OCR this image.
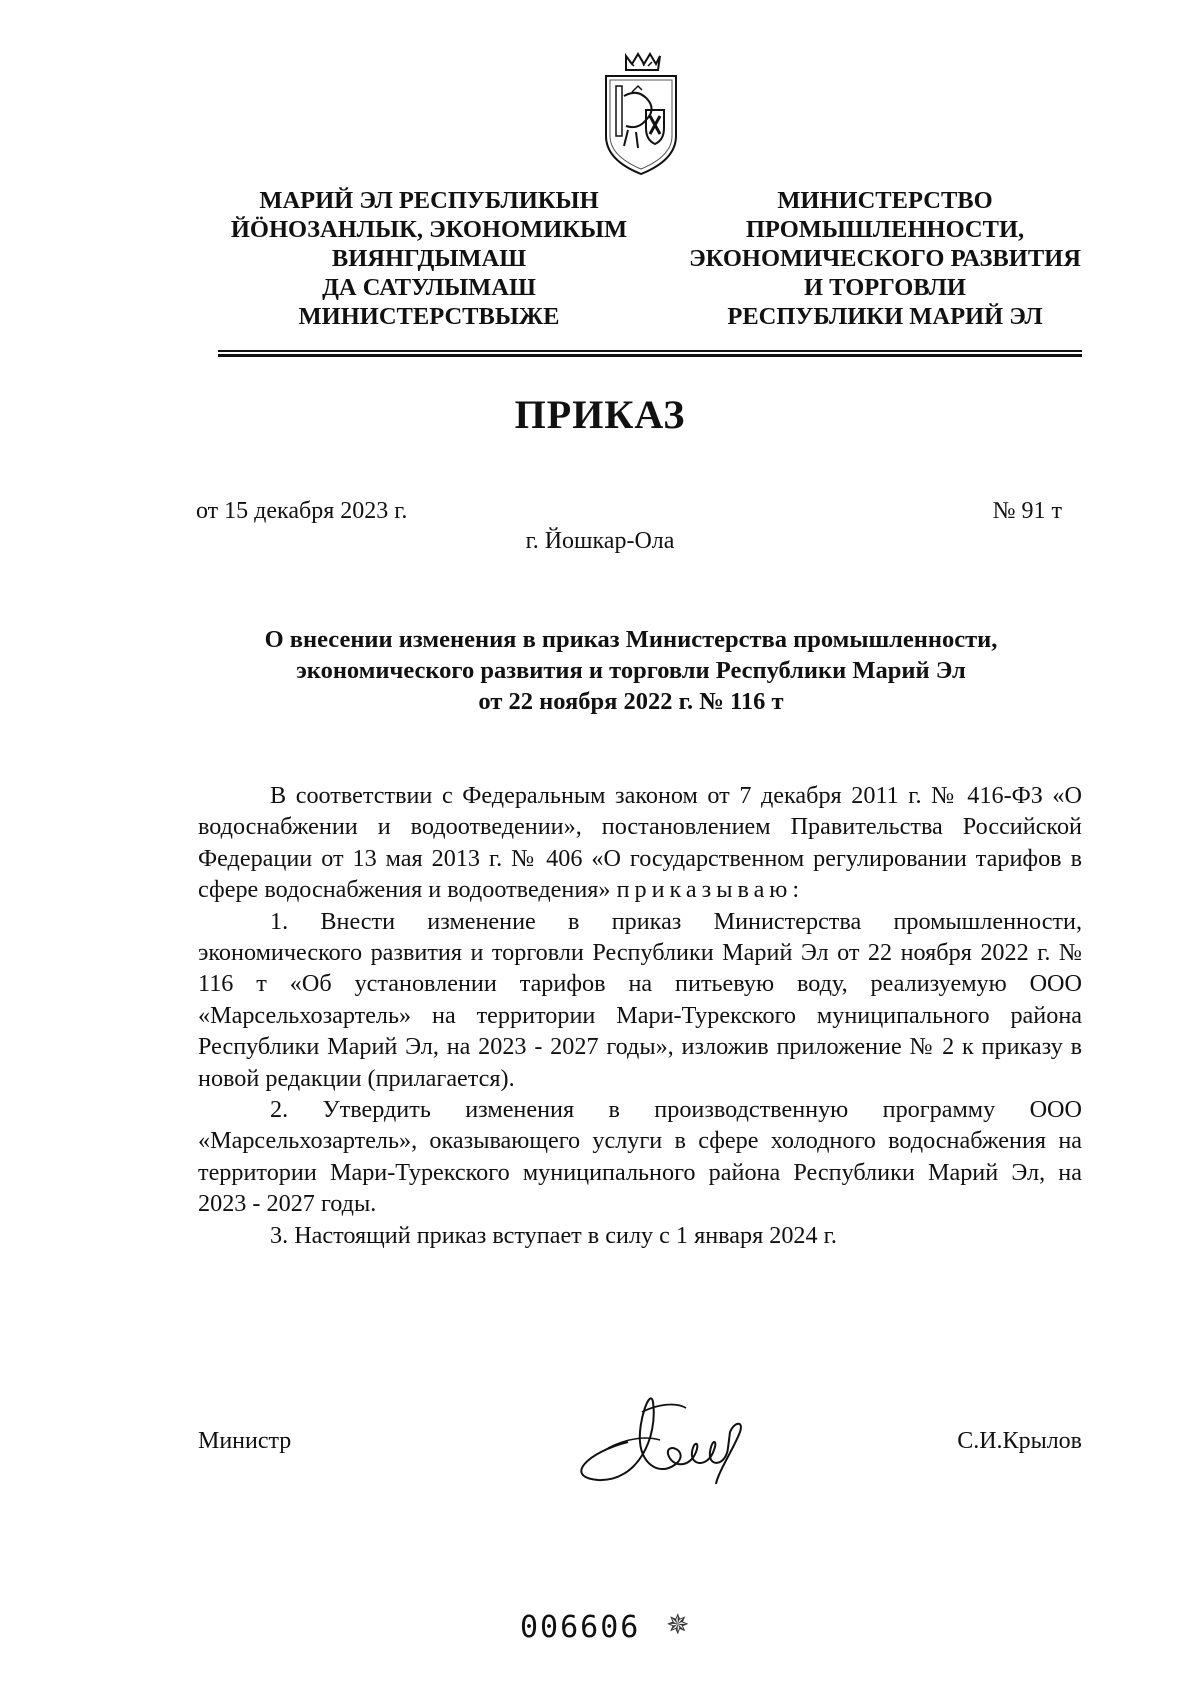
МАРИЙ ЭЛ РЕСПУБЛИКЫН
ЙӦНОЗАНЛЫК, ЭКОНОМИКЫМ
ВИЯНГДЫМАШ
ДА САТУЛЫМАШ
МИНИСТЕРСТВЫЖЕ
МИНИСТЕРСТВО
ПРОМЫШЛЕННОСТИ,
ЭКОНОМИЧЕСКОГО РАЗВИТИЯ
И ТОРГОВЛИ
РЕСПУБЛИКИ МАРИЙ ЭЛ
ПРИКАЗ
от 15 декабря 2023 г.	№ 91 т
г. Йошкар-Ола
О внесении изменения в приказ Министерства промышленности,
экономического развития и торговли Республики Марий Эл
от 22 ноября 2022 г. № 116 т

В соответствии с Федеральным законом от 7 декабря 2011 г. № 416-ФЗ «О водоснабжении и водоотведении», постановлением Правительства Российской Федерации от 13 мая 2013 г. № 406 «О государственном регулировании тарифов в сфере водоснабжения и водоотведения» приказываю:

1. Внести изменение в приказ Министерства промышленности, экономического развития и торговли Республики Марий Эл от 22 ноября 2022 г. № 116 т «Об установлении тарифов на питьевую воду, реализуемую ООО «Марсельхозартель» на территории Мари-Турекского муниципального района Республики Марий Эл, на 2023 - 2027 годы», изложив приложение № 2 к приказу в новой редакции (прилагается).

2. Утвердить изменения в производственную программу ООО «Марсельхозартель», оказывающего услуги в сфере холодного водоснабжения на территории Мари-Турекского муниципального района Республики Марий Эл, на 2023 - 2027 годы.

3. Настоящий приказ вступает в силу с 1 января 2024 г.

Министр	С.И.Крылов
006606 ✵
